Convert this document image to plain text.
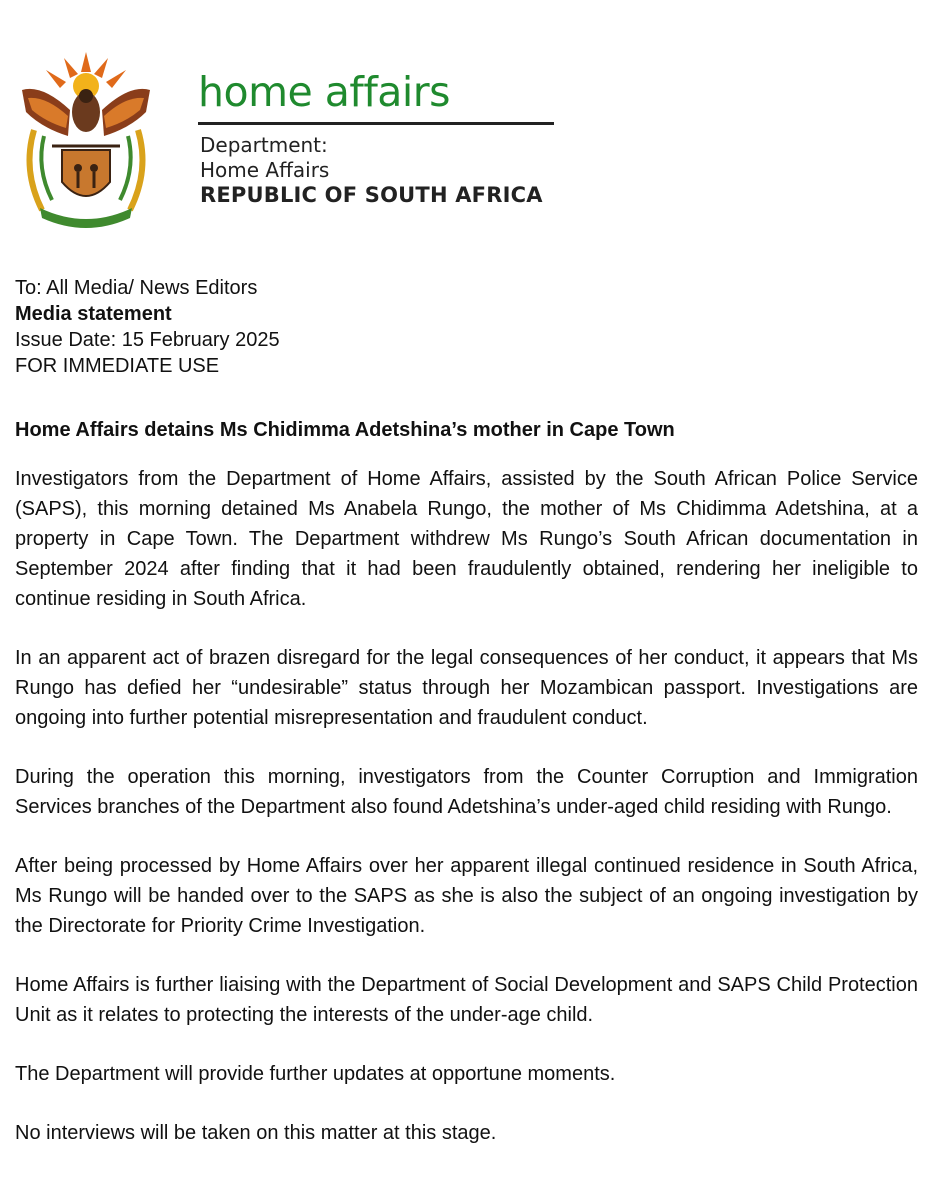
home affairs
Department:
Home Affairs
REPUBLIC OF SOUTH AFRICA
To: All Media/ News Editors
Media statement
Issue Date: 15 February 2025
FOR IMMEDIATE USE
Home Affairs detains Ms Chidimma Adetshina’s mother in Cape Town

Investigators from the Department of Home Affairs, assisted by the South African Police Service (SAPS), this morning detained Ms Anabela Rungo, the mother of Ms Chidimma Adetshina, at a property in Cape Town. The Department withdrew Ms Rungo’s South African documentation in September 2024 after finding that it had been fraudulently obtained, rendering her ineligible to continue residing in South Africa.

In an apparent act of brazen disregard for the legal consequences of her conduct, it appears that Ms Rungo has defied her “undesirable” status through her Mozambican passport. Investigations are ongoing into further potential misrepresentation and fraudulent conduct.

During the operation this morning, investigators from the Counter Corruption and Immigration Services branches of the Department also found Adetshina’s under-aged child residing with Rungo.

After being processed by Home Affairs over her apparent illegal continued residence in South Africa, Ms Rungo will be handed over to the SAPS as she is also the subject of an ongoing investigation by the Directorate for Priority Crime Investigation.

Home Affairs is further liaising with the Department of Social Development and SAPS Child Protection Unit as it relates to protecting the interests of the under-age child.

The Department will provide further updates at opportune moments.

No interviews will be taken on this matter at this stage.
